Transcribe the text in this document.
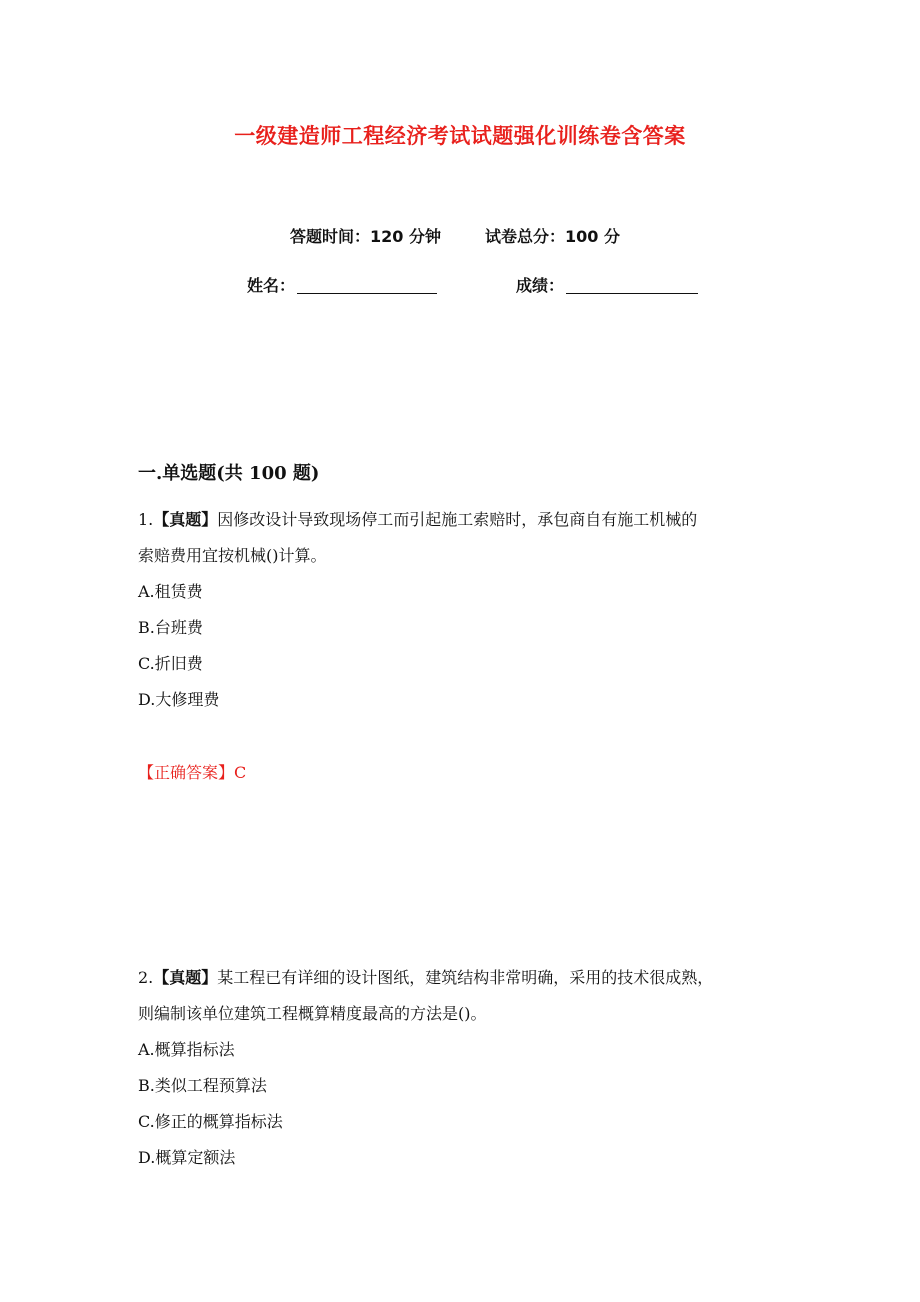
一级建造师工程经济考试试题强化训练卷含答案
答题时间：120 分钟	试卷总分：100 分
姓名：	成绩：
一.单选题(共 100 题)
1.【真题】因修改设计导致现场停工而引起施工索赔时，承包商自有施工机械的
索赔费用宜按机械()计算。
A.租赁费
B.台班费
C.折旧费
D.大修理费
【正确答案】C
2.【真题】某工程已有详细的设计图纸，建筑结构非常明确，采用的技术很成熟，
则编制该单位建筑工程概算精度最高的方法是()。
A.概算指标法
B.类似工程预算法
C.修正的概算指标法
D.概算定额法
